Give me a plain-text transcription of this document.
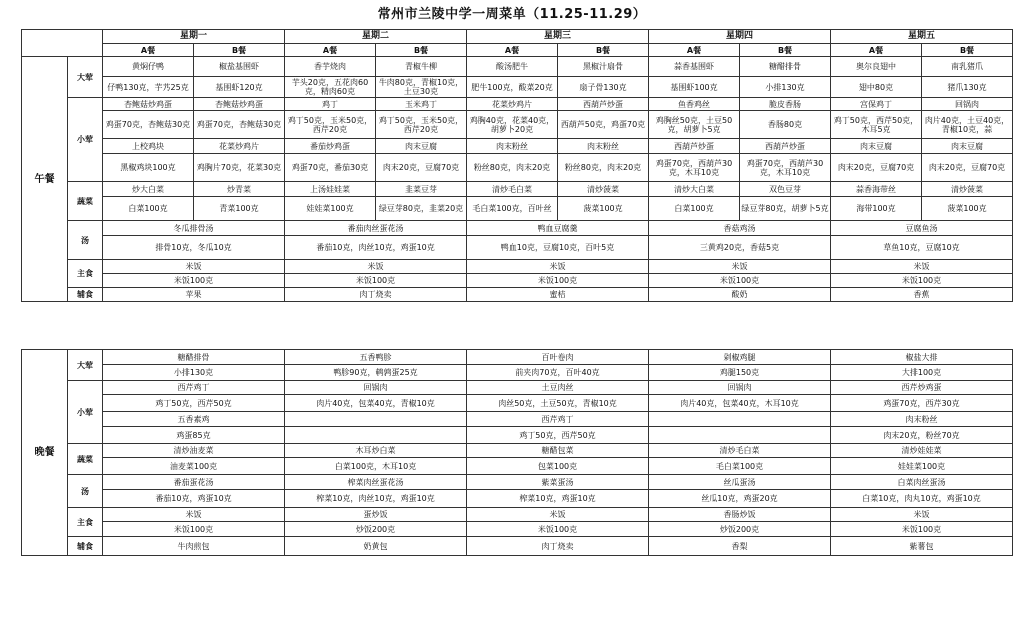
常州市兰陵中学一周菜单（11.25-11.29）
		星期一		星期二		星期三		星期四		星期五	
		A餐	B餐	A餐	B餐	A餐	B餐	A餐	B餐	A餐	B餐
午餐	大荤	黄焖仔鸭	椒盐基围虾	香芋烧肉	青椒牛柳	酸汤肥牛	黑椒汁扇骨	蒜香基围虾	糖醋排骨	奥尔良翅中	南乳猪爪
		仔鸭130克，芋艿25克	基围虾120克	芋头20克，五花肉60克，精肉60克	牛肉80克，青椒10克，土豆30克	肥牛100克，酸菜20克	扇子骨130克	基围虾100克	小排130克	翅中80克	猪爪130克
	小荤	杏鲍菇炒鸡蛋	杏鲍菇炒鸡蛋	鸡丁	玉米鸡丁	花菜炒鸡片	西葫芦炒蛋	鱼香鸡丝	脆皮香肠	宫保鸡丁	回锅肉
		鸡蛋70克，杏鲍菇30克	鸡蛋70克，杏鲍菇30克	鸡丁50克，玉米50克，西芹20克	鸡丁50克，玉米50克，西芹20克	鸡胸40克，花菜40克，胡萝卜20克	西葫芦50克，鸡蛋70克	鸡胸丝50克，土豆50克，胡萝卜5克	香肠80克	鸡丁50克，西芹50克，木耳5克	肉片40克，土豆40克，青椒10克，蒜
		上校鸡块	花菜炒鸡片	番茄炒鸡蛋	肉末豆腐	肉末粉丝	肉末粉丝	西葫芦炒蛋	西葫芦炒蛋	肉末豆腐	肉末豆腐
		黑椒鸡块100克	鸡胸片70克，花菜30克	鸡蛋70克，番茄30克	肉末20克，豆腐70克	粉丝80克，肉末20克	粉丝80克，肉末20克	鸡蛋70克，西葫芦30克，木耳10克	鸡蛋70克，西葫芦30克，木耳10克	肉末20克，豆腐70克	肉末20克，豆腐70克
	蔬菜	炒大白菜	炒青菜	上汤娃娃菜	韭菜豆芽	清炒毛白菜	清炒菠菜	清炒大白菜	双色豆芽	蒜香海带丝	清炒菠菜
		白菜100克	青菜100克	娃娃菜100克	绿豆芽80克，韭菜20克	毛白菜100克，百叶丝	菠菜100克	白菜100克	绿豆芽80克，胡萝卜5克	海带100克	菠菜100克
	汤	冬瓜排骨汤		番茄肉丝蛋花汤		鸭血豆腐羹		香菇鸡汤		豆腐鱼汤	
		排骨10克，冬瓜10克		番茄10克，肉丝10克，鸡蛋10克		鸭血10克，豆腐10克，百叶5克		三黄鸡20克，香菇5克		草鱼10克，豆腐10克	
	主食	米饭		米饭		米饭		米饭		米饭	
		米饭100克		米饭100克		米饭100克		米饭100克		米饭100克	
	辅食	苹果		肉丁烧卖		蜜桔		酸奶		香蕉	
晚餐	大荤	糖醋排骨	五香鸭胗	百叶卷肉	剁椒鸡腿	椒盐大排
		小排130克	鸭胗90克，鹌鹑蛋25克	前夹肉70克，百叶40克	鸡腿150克	大排100克
	小荤	西芹鸡丁	回锅肉	土豆肉丝	回锅肉	西芹炒鸡蛋
		鸡丁50克，西芹50克	肉片40克，包菜40克，青椒10克	肉丝50克，土豆50克，青椒10克	肉片40克，包菜40克，木耳10克	鸡蛋70克，西芹30克
		五香素鸡		西芹鸡丁		肉末粉丝
		鸡蛋85克		鸡丁50克，西芹50克		肉末20克，粉丝70克
	蔬菜	清炒油麦菜	木耳炒白菜	糖醋包菜	清炒毛白菜	清炒娃娃菜
		油麦菜100克	白菜100克，木耳10克	包菜100克	毛白菜100克	娃娃菜100克
	汤	番茄蛋花汤	榨菜肉丝蛋花汤	紫菜蛋汤	丝瓜蛋汤	白菜肉丝蛋汤
		番茄10克，鸡蛋10克	榨菜10克，肉丝10克，鸡蛋10克	榨菜10克，鸡蛋10克	丝瓜10克，鸡蛋20克	白菜10克，肉丸10克，鸡蛋10克
	主食	米饭	蛋炒饭	米饭	香肠炒饭	米饭
		米饭100克	炒饭200克	米饭100克	炒饭200克	米饭100克
	辅食	牛肉煎包	奶黄包	肉丁烧卖	香梨	紫薯包
